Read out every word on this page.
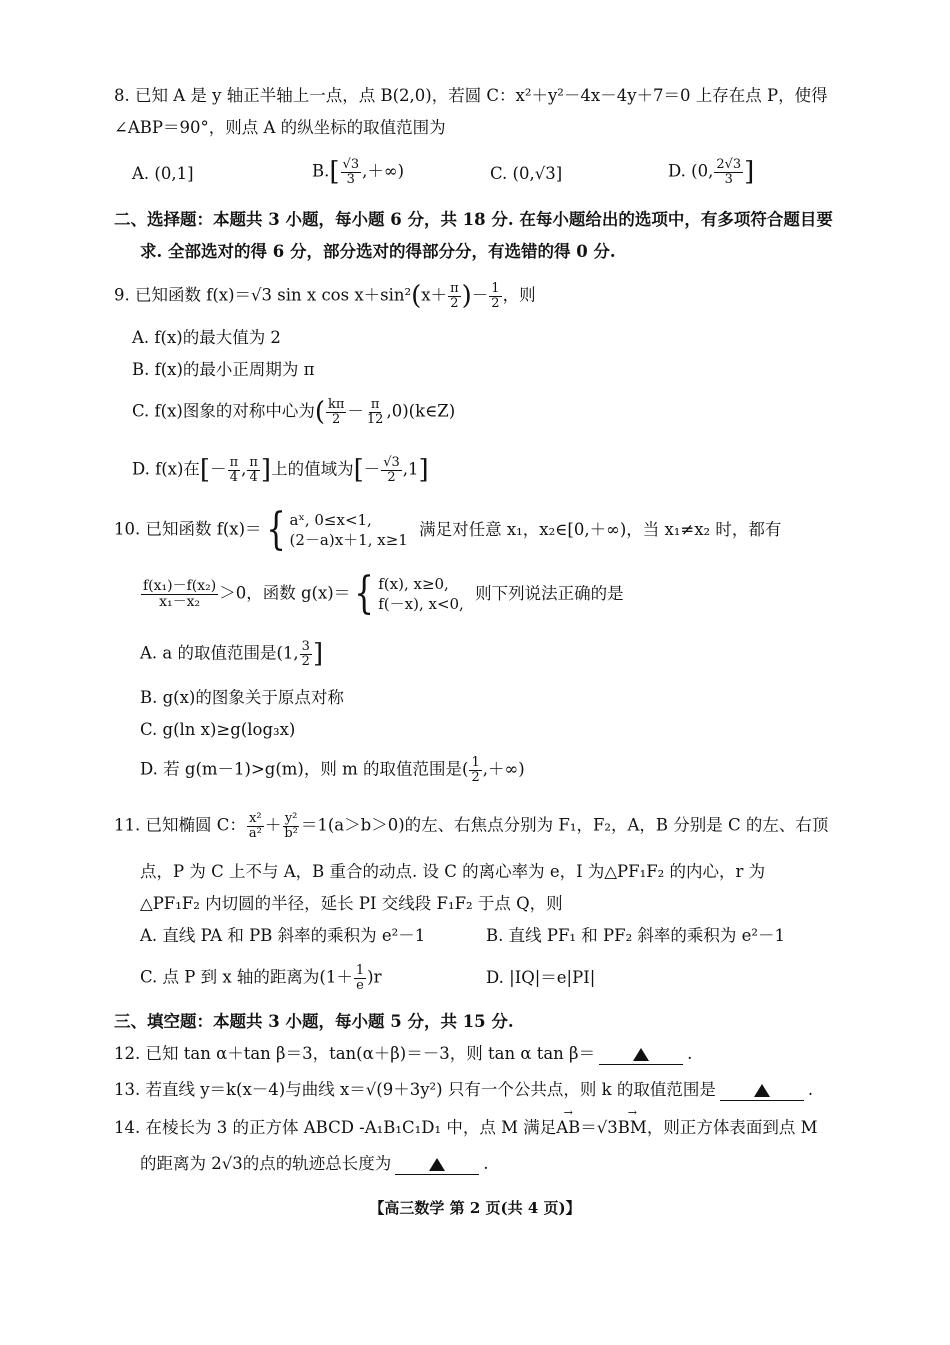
8. 已知 A 是 y 轴正半轴上一点，点 B(2,0)，若圆 C：x²＋y²－4x－4y＋7＝0 上存在点 P，使得
∠ABP＝90°，则点 A 的纵坐标的取值范围为
A. (0,1]	$B.[ \frac{√3}{3}$ ,＋∞)	C. (0,√3]	D. (0, $\frac{2√3}{3}$ ]
二、选择题：本题共 3 小题，每小题 6 分，共 18 分. 在每小题给出的选项中，有多项符合题目要
求. 全部选对的得 6 分，部分选对的得部分分，有选错的得 0 分.
9. 已知函数 f(x)＝√3 sin x $\cos x+\sin^2(x+ \frac{\pi}{2}$ )－ $\frac{1}{2}$ ，则
A. f(x)的最大值为 2
B. f(x)的最小正周期为 π
C. f(x)图象的对称中心为( $\frac{k\pi}{2} - \frac{\pi}{12}$ ,0)(k∈Z)
D. f(x)在[－ $\frac{\pi}{4}$ , $\frac{\pi}{4}$ ]上的值域为[－ $\frac{√3}{2} ,1$]
10. 已知函数 f(x)＝{ aˣ, 0≤x<1,
(2－a)x＋1, x≥1
满足对任意 x₁，x₂∈[0,＋∞)，当 x₁≠x₂ 时，都有
$\frac{\text{f(x₁)－f(x₂)}}{\text{x₁－x₂}} >0$，函数 g(x)＝{ f(x), x≥0,
f(－x), x<0,
则下列说法正确的是
A. a 的取值范围是(1, $\frac{3}{2}$ ]
B. g(x)的图象关于原点对称
C. g(ln x)≥g(log₃x)
D. 若 g(m－1)>g(m)，则 m 的取值范围是( $\frac{1}{2}$ ,＋∞)
11. 已知椭圆 C： $\frac{\text{x²}}{\text{a²}} + \frac{\text{y²}}{\text{b²}} =1(a>b>0)$的左、右焦点分别为 F₁，F₂，A，B 分别是 C 的左、右顶
点，P 为 C 上不与 A，B 重合的动点. 设 C 的离心率为 e，I 为△PF₁F₂ 的内心，r 为
△PF₁F₂ 内切圆的半径，延长 PI 交线段 F₁F₂ 于点 Q，则
A. 直线 PA 和 PB 斜率的乘积为 e²－1	B. 直线 PF₁ 和 PF₂ 斜率的乘积为 e²－1
C. 点 P 到 x 轴的距离为$(1+ \frac{1}{e} )r$	D. |IQ|＝e|PI|
三、填空题：本题共 3 小题，每小题 5 分，共 15 分.
12. 已知 tan α＋tan β＝3，tan(α＋β)＝－3，则 tan α tan β＝	.
13. 若直线 y＝k(x－4)与曲线 x＝√(9＋3y²) 只有一个公共点，则 k 的取值范围是	.
14. 在棱长为 3 的正方体 ABCD -A₁B₁C₁D₁ 中，点 M 满足→ AB＝√3→ BM，则正方体表面到点 M
的距离为 2√3的点的轨迹总长度为	.
【高三数学 第 2 页(共 4 页)】
